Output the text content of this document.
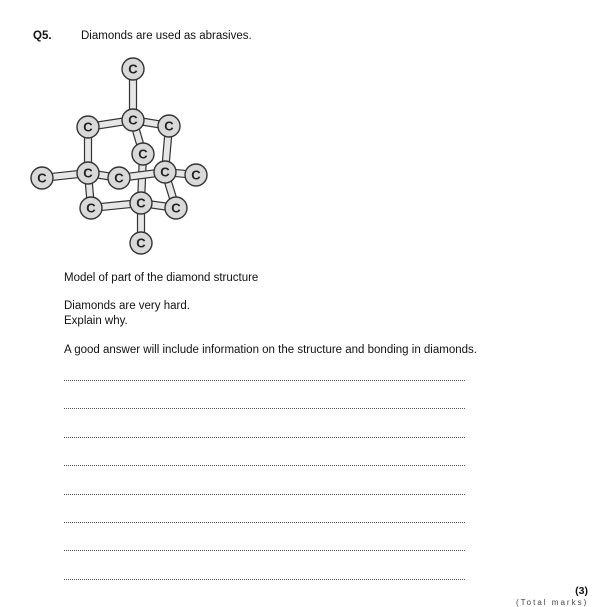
Q5.	Diamonds are used as abrasives.
C
C	C C
C
C	C C	C C
C	C C
C
Model of part of the diamond structure
Diamonds are very hard.
Explain why.
A good answer will include information on the structure and bonding in diamonds.
(3)
(Total marks)
